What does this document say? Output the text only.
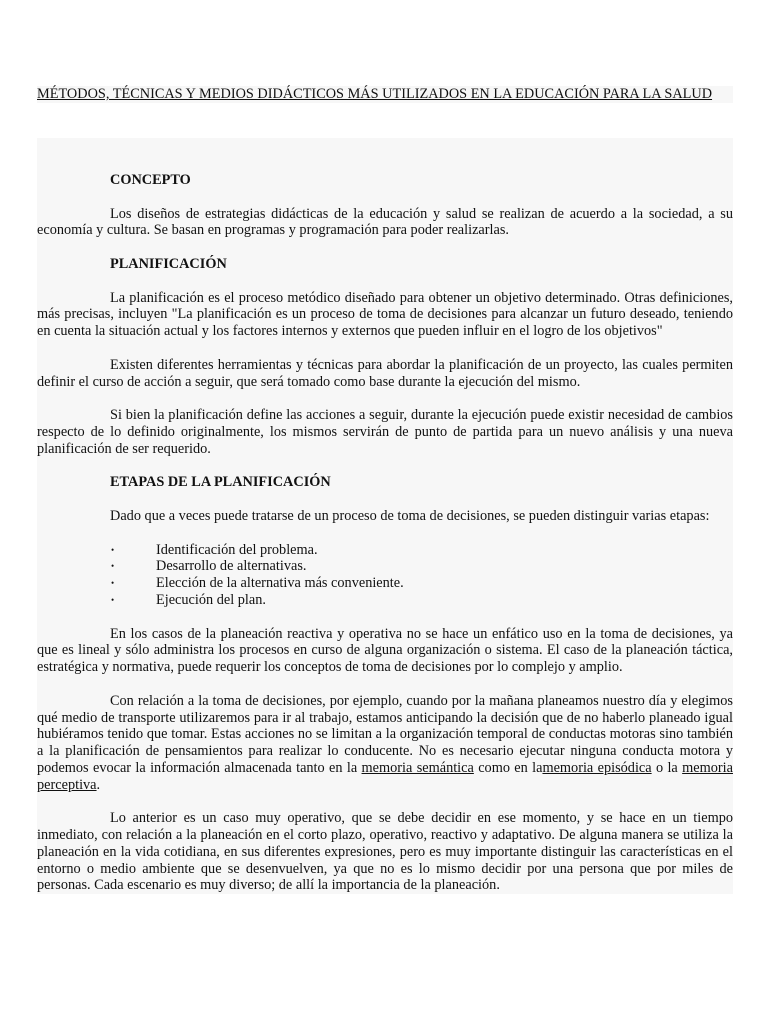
MÉTODOS, TÉCNICAS Y MEDIOS DIDÁCTICOS MÁS UTILIZADOS EN LA EDUCACIÓN PARA LA SALUD

CONCEPTO

Los diseños de estrategias didácticas de la educación y salud se realizan de acuerdo a la sociedad, a su economía y cultura. Se basan en programas y programación para poder realizarlas.

PLANIFICACIÓN

La planificación es el proceso metódico diseñado para obtener un objetivo determinado. Otras definiciones, más precisas, incluyen "La planificación es un proceso de toma de decisiones para alcanzar un futuro deseado, teniendo en cuenta la situación actual y los factores internos y externos que pueden influir en el logro de los objetivos"

Existen diferentes herramientas y técnicas para abordar la planificación de un proyecto, las cuales permiten definir el curso de acción a seguir, que será tomado como base durante la ejecución del mismo.

Si bien la planificación define las acciones a seguir, durante la ejecución puede existir necesidad de cambios respecto de lo definido originalmente, los mismos servirán de punto de partida para un nuevo análisis y una nueva planificación de ser requerido.

ETAPAS DE LA PLANIFICACIÓN

Dado que a veces puede tratarse de un proceso de toma de decisiones, se pueden distinguir varias etapas:

•	Identificación del problema.
•	Desarrollo de alternativas.
•	Elección de la alternativa más conveniente.
•	Ejecución del plan.

En los casos de la planeación reactiva y operativa no se hace un enfático uso en la toma de decisiones, ya que es lineal y sólo administra los procesos en curso de alguna organización o sistema. El caso de la planeación táctica, estratégica y normativa, puede requerir los conceptos de toma de decisiones por lo complejo y amplio.

Con relación a la toma de decisiones, por ejemplo, cuando por la mañana planeamos nuestro día y elegimos qué medio de transporte utilizaremos para ir al trabajo, estamos anticipando la decisión que de no haberlo planeado igual hubiéramos tenido que tomar. Estas acciones no se limitan a la organización temporal de conductas motoras sino también a la planificación de pensamientos para realizar lo conducente. No es necesario ejecutar ninguna conducta motora y podemos evocar la información almacenada tanto en la memoria semántica como en lamemoria episódica o la memoria perceptiva.

Lo anterior es un caso muy operativo, que se debe decidir en ese momento, y se hace en un tiempo inmediato, con relación a la planeación en el corto plazo, operativo, reactivo y adaptativo. De alguna manera se utiliza la planeación en la vida cotidiana, en sus diferentes expresiones, pero es muy importante distinguir las características en el entorno o medio ambiente que se desenvuelven, ya que no es lo mismo decidir por una persona que por miles de personas. Cada escenario es muy diverso; de allí la importancia de la planeación.
